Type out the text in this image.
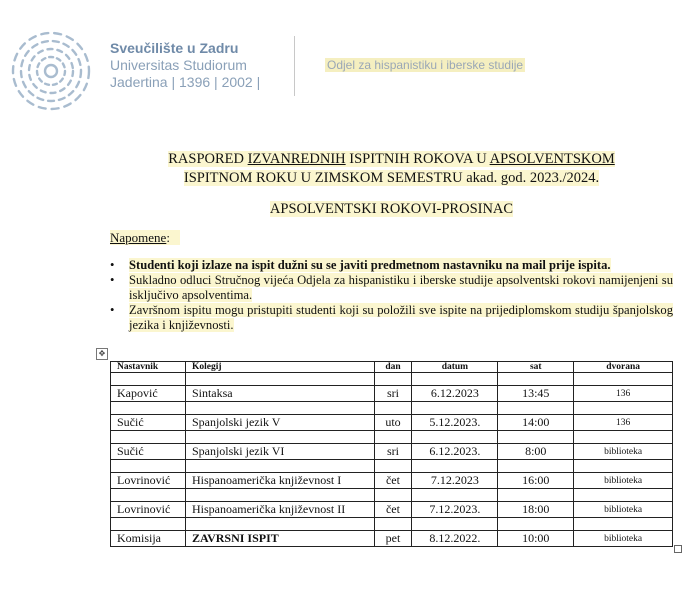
Sveučilište u Zadru
Universitas Studiorum
Jadertina | 1396 | 2002 |
Odjel za hispanistiku i iberske studije
RASPORED IZVANREDNIH ISPITNIH ROKOVA U APSOLVENTSKOM
ISPITNOM ROKU U ZIMSKOM SEMESTRU akad. god. 2023./2024.
APSOLVENTSKI ROKOVI-PROSINAC
Napomene:
• Studenti koji izlaze na ispit dužni su se javiti predmetnom nastavniku na mail prije ispita.
• Sukladno odluci Stručnog vijeća Odjela za hispanistiku i iberske studije apsolventski rokovi namijenjeni su isključivo apsolventima.
• Završnom ispitu mogu pristupiti studenti koji su položili sve ispite na prijediplomskom studiju španjolskog jezika i književnosti.
✥
Nastavnik	Kolegij	dan	datum	sat	dvorana

Kapović	Sintaksa	sri	6.12.2023	13:45	136

Sučić	Spanjolski jezik V	uto	5.12.2023.	14:00	136

Sučić	Spanjolski jezik VI	sri	6.12.2023.	8:00	biblioteka

Lovrinović	Hispanoamerička književnost I	čet	7.12.2023	16:00	biblioteka

Lovrinović	Hispanoamerička književnost II	čet	7.12.2023.	18:00	biblioteka

Komisija	ZAVRSNI ISPIT	pet	8.12.2022.	10:00	biblioteka
